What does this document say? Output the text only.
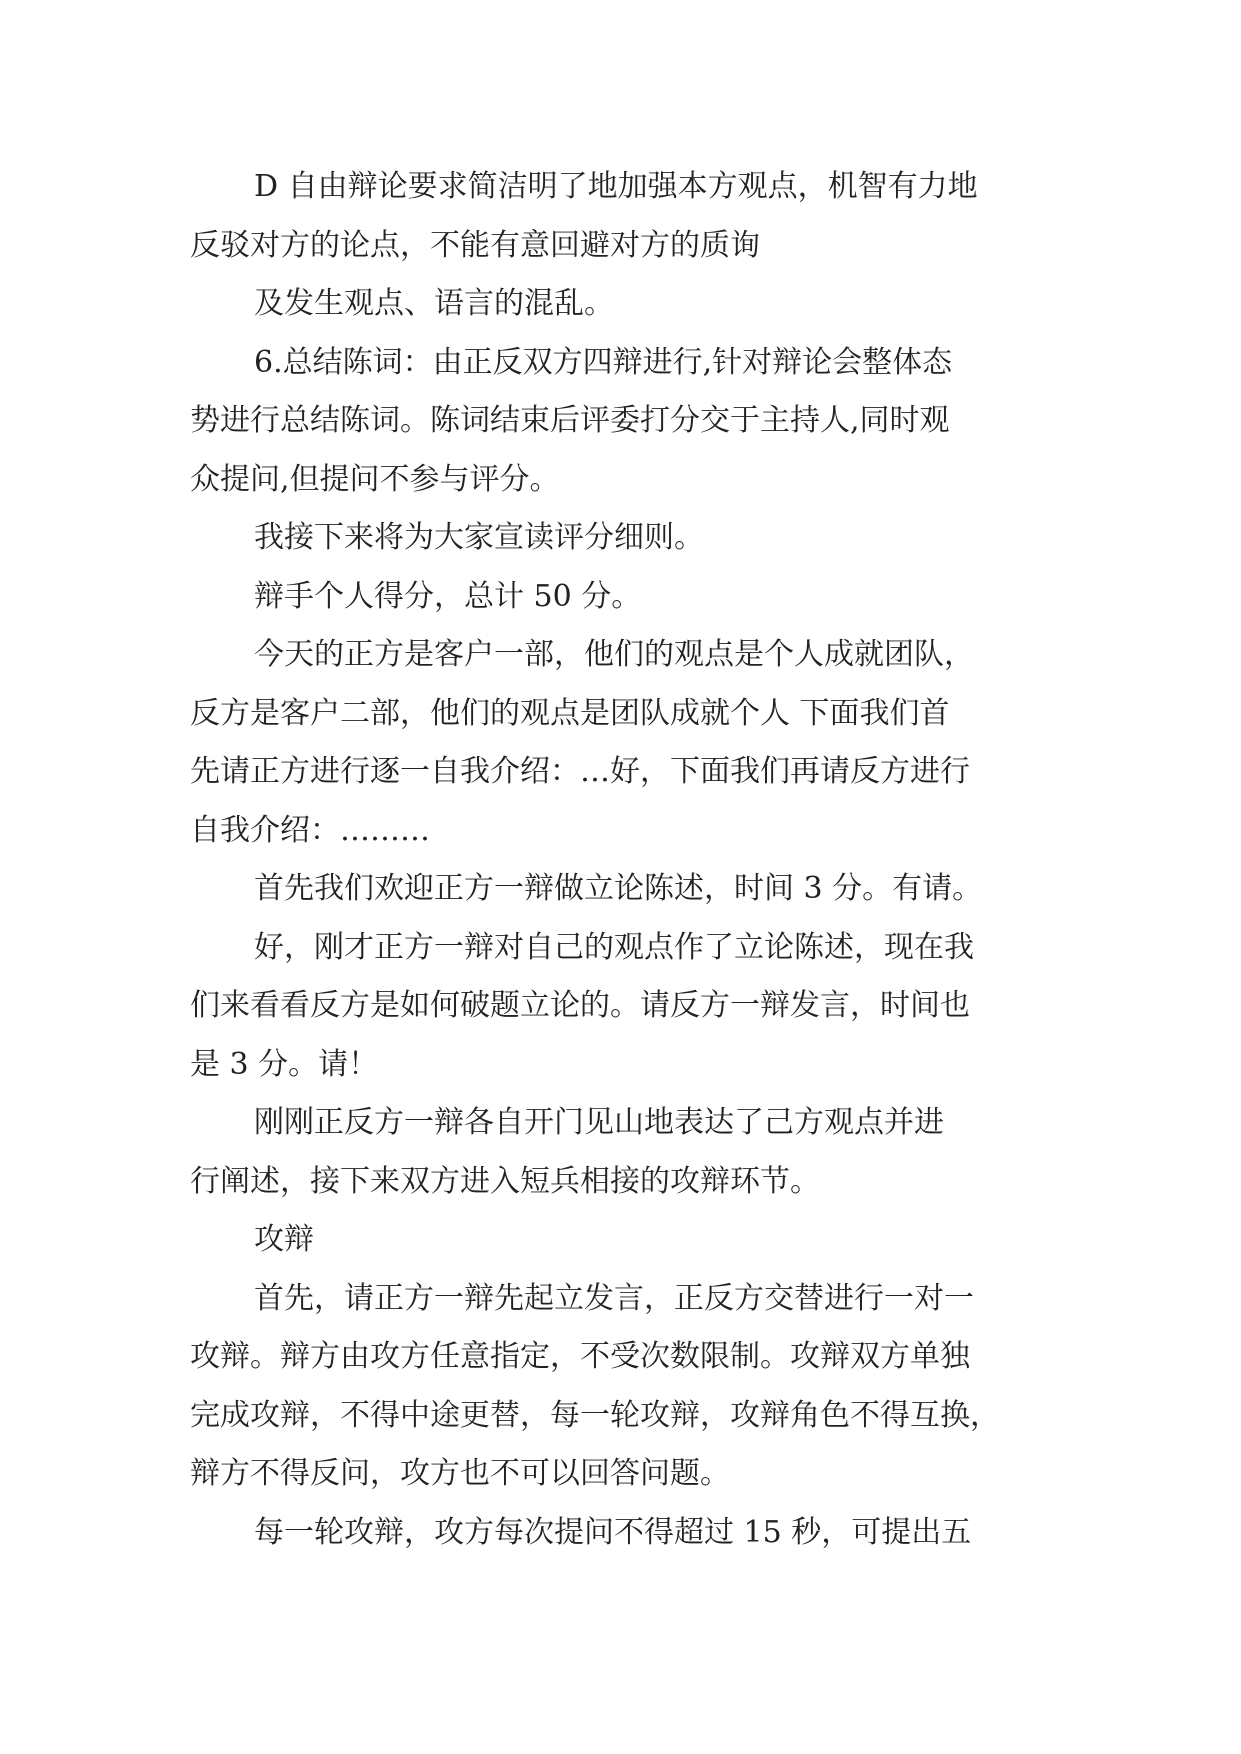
D 自由辩论要求简洁明了地加强本方观点，机智有力地
反驳对方的论点，不能有意回避对方的质询

及发生观点、语言的混乱。

6.总结陈词：由正反双方四辩进行,针对辩论会整体态
势进行总结陈词。陈词结束后评委打分交于主持人,同时观
众提问,但提问不参与评分。

我接下来将为大家宣读评分细则。

辩手个人得分，总计 50 分。

今天的正方是客户一部，他们的观点是个人成就团队，
反方是客户二部，他们的观点是团队成就个人 下面我们首
先请正方进行逐一自我介绍：…好，下面我们再请反方进行
自我介绍：………

首先我们欢迎正方一辩做立论陈述，时间 3 分。有请。

好，刚才正方一辩对自己的观点作了立论陈述，现在我
们来看看反方是如何破题立论的。请反方一辩发言，时间也
是 3 分。请！

刚刚正反方一辩各自开门见山地表达了己方观点并进
行阐述，接下来双方进入短兵相接的攻辩环节。

攻辩

首先，请正方一辩先起立发言，正反方交替进行一对一
攻辩。辩方由攻方任意指定，不受次数限制。攻辩双方单独
完成攻辩，不得中途更替，每一轮攻辩，攻辩角色不得互换，
辩方不得反问，攻方也不可以回答问题。

每一轮攻辩，攻方每次提问不得超过 15 秒，可提出五
